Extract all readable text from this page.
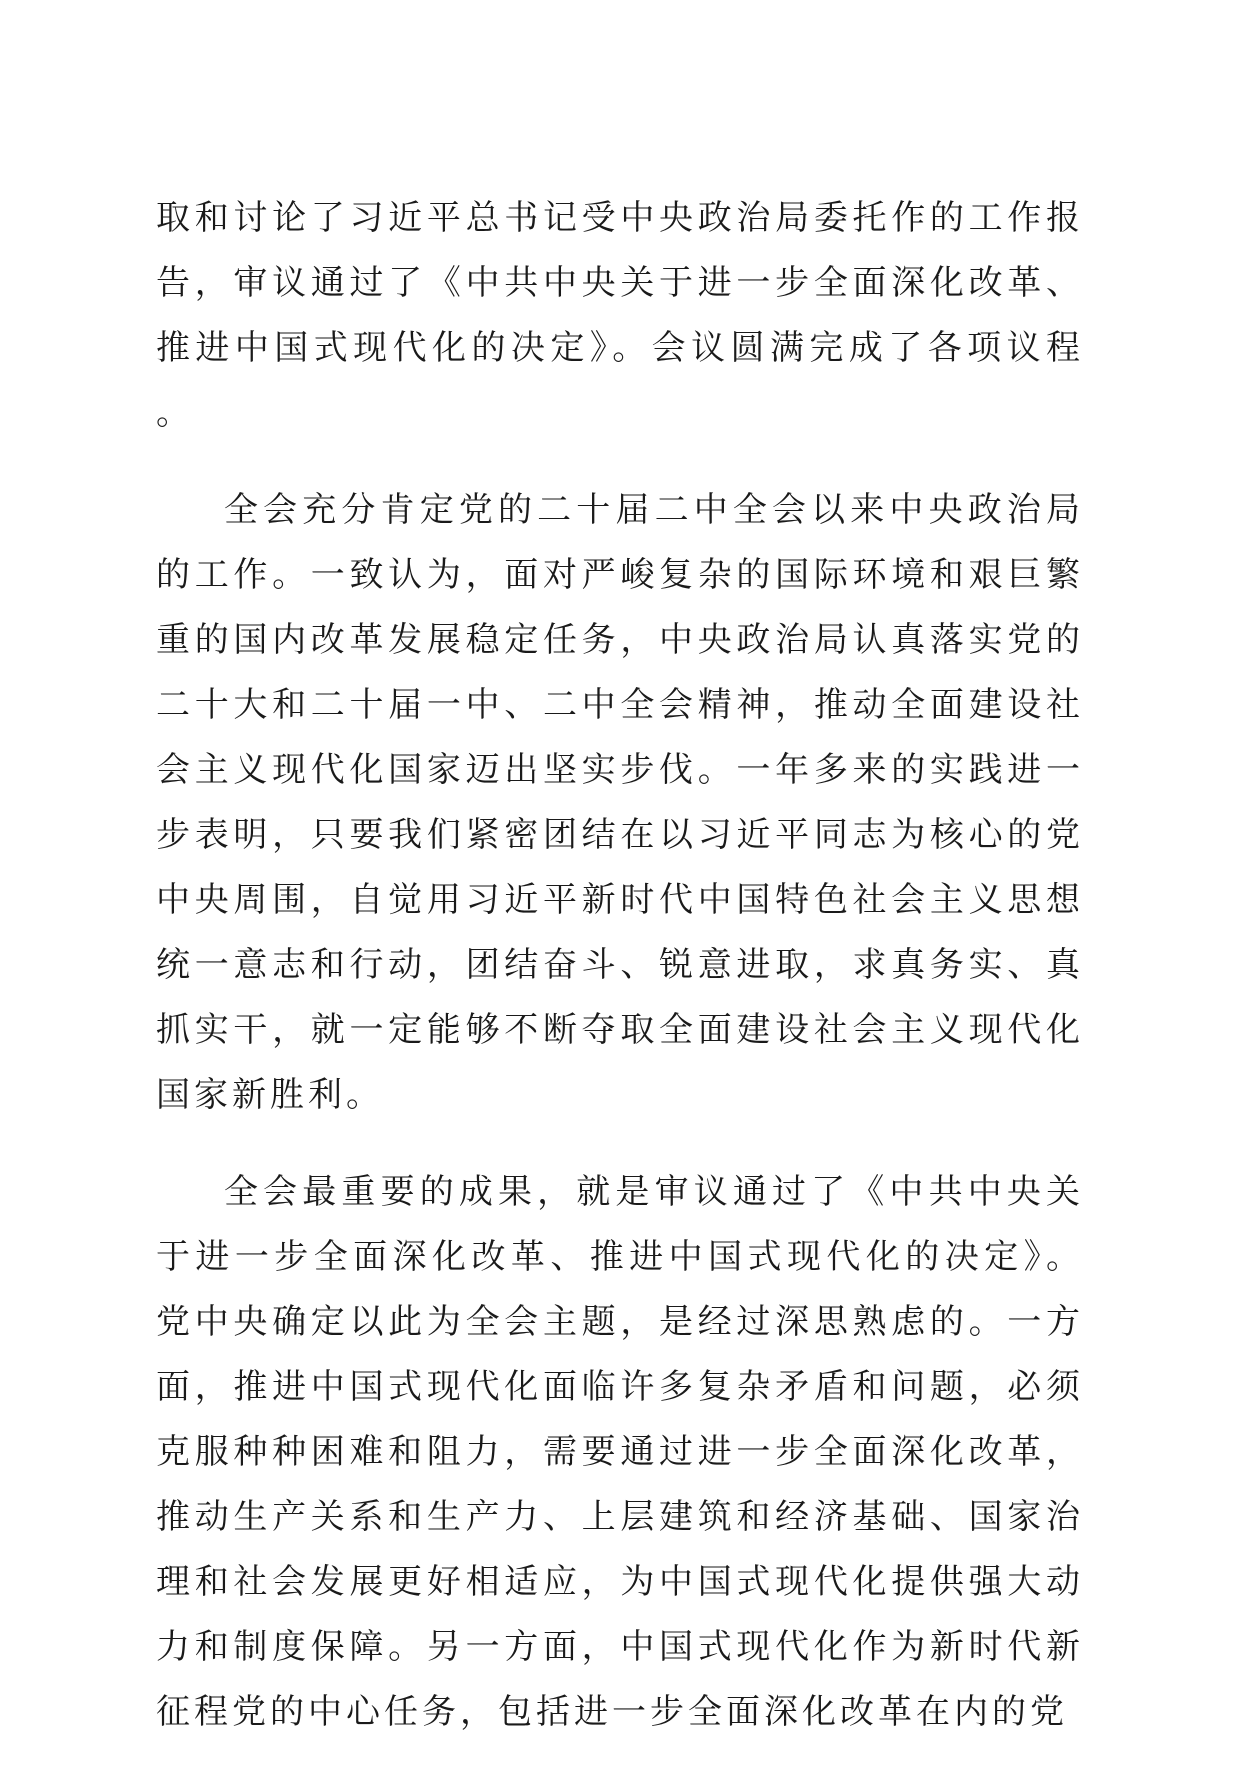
取和讨论了习近平总书记受中央政治局委托作的工作报告，审议通过了《中共中央关于进一步全面深化改革、推进中国式现代化的决定》。会议圆满完成了各项议程。

全会充分肯定党的二十届二中全会以来中央政治局的工作。一致认为，面对严峻复杂的国际环境和艰巨繁重的国内改革发展稳定任务，中央政治局认真落实党的二十大和二十届一中、二中全会精神，推动全面建设社会主义现代化国家迈出坚实步伐。一年多来的实践进一步表明，只要我们紧密团结在以习近平同志为核心的党中央周围，自觉用习近平新时代中国特色社会主义思想统一意志和行动，团结奋斗、锐意进取，求真务实、真抓实干，就一定能够不断夺取全面建设社会主义现代化国家新胜利。

全会最重要的成果，就是审议通过了《中共中央关于进一步全面深化改革、推进中国式现代化的决定》。党中央确定以此为全会主题，是经过深思熟虑的。一方面，推进中国式现代化面临许多复杂矛盾和问题，必须克服种种困难和阻力，需要通过进一步全面深化改革，推动生产关系和生产力、上层建筑和经济基础、国家治理和社会发展更好相适应，为中国式现代化提供强大动力和制度保障。另一方面，中国式现代化作为新时代新征程党的中心任务，包括进一步全面深化改革在内的党
